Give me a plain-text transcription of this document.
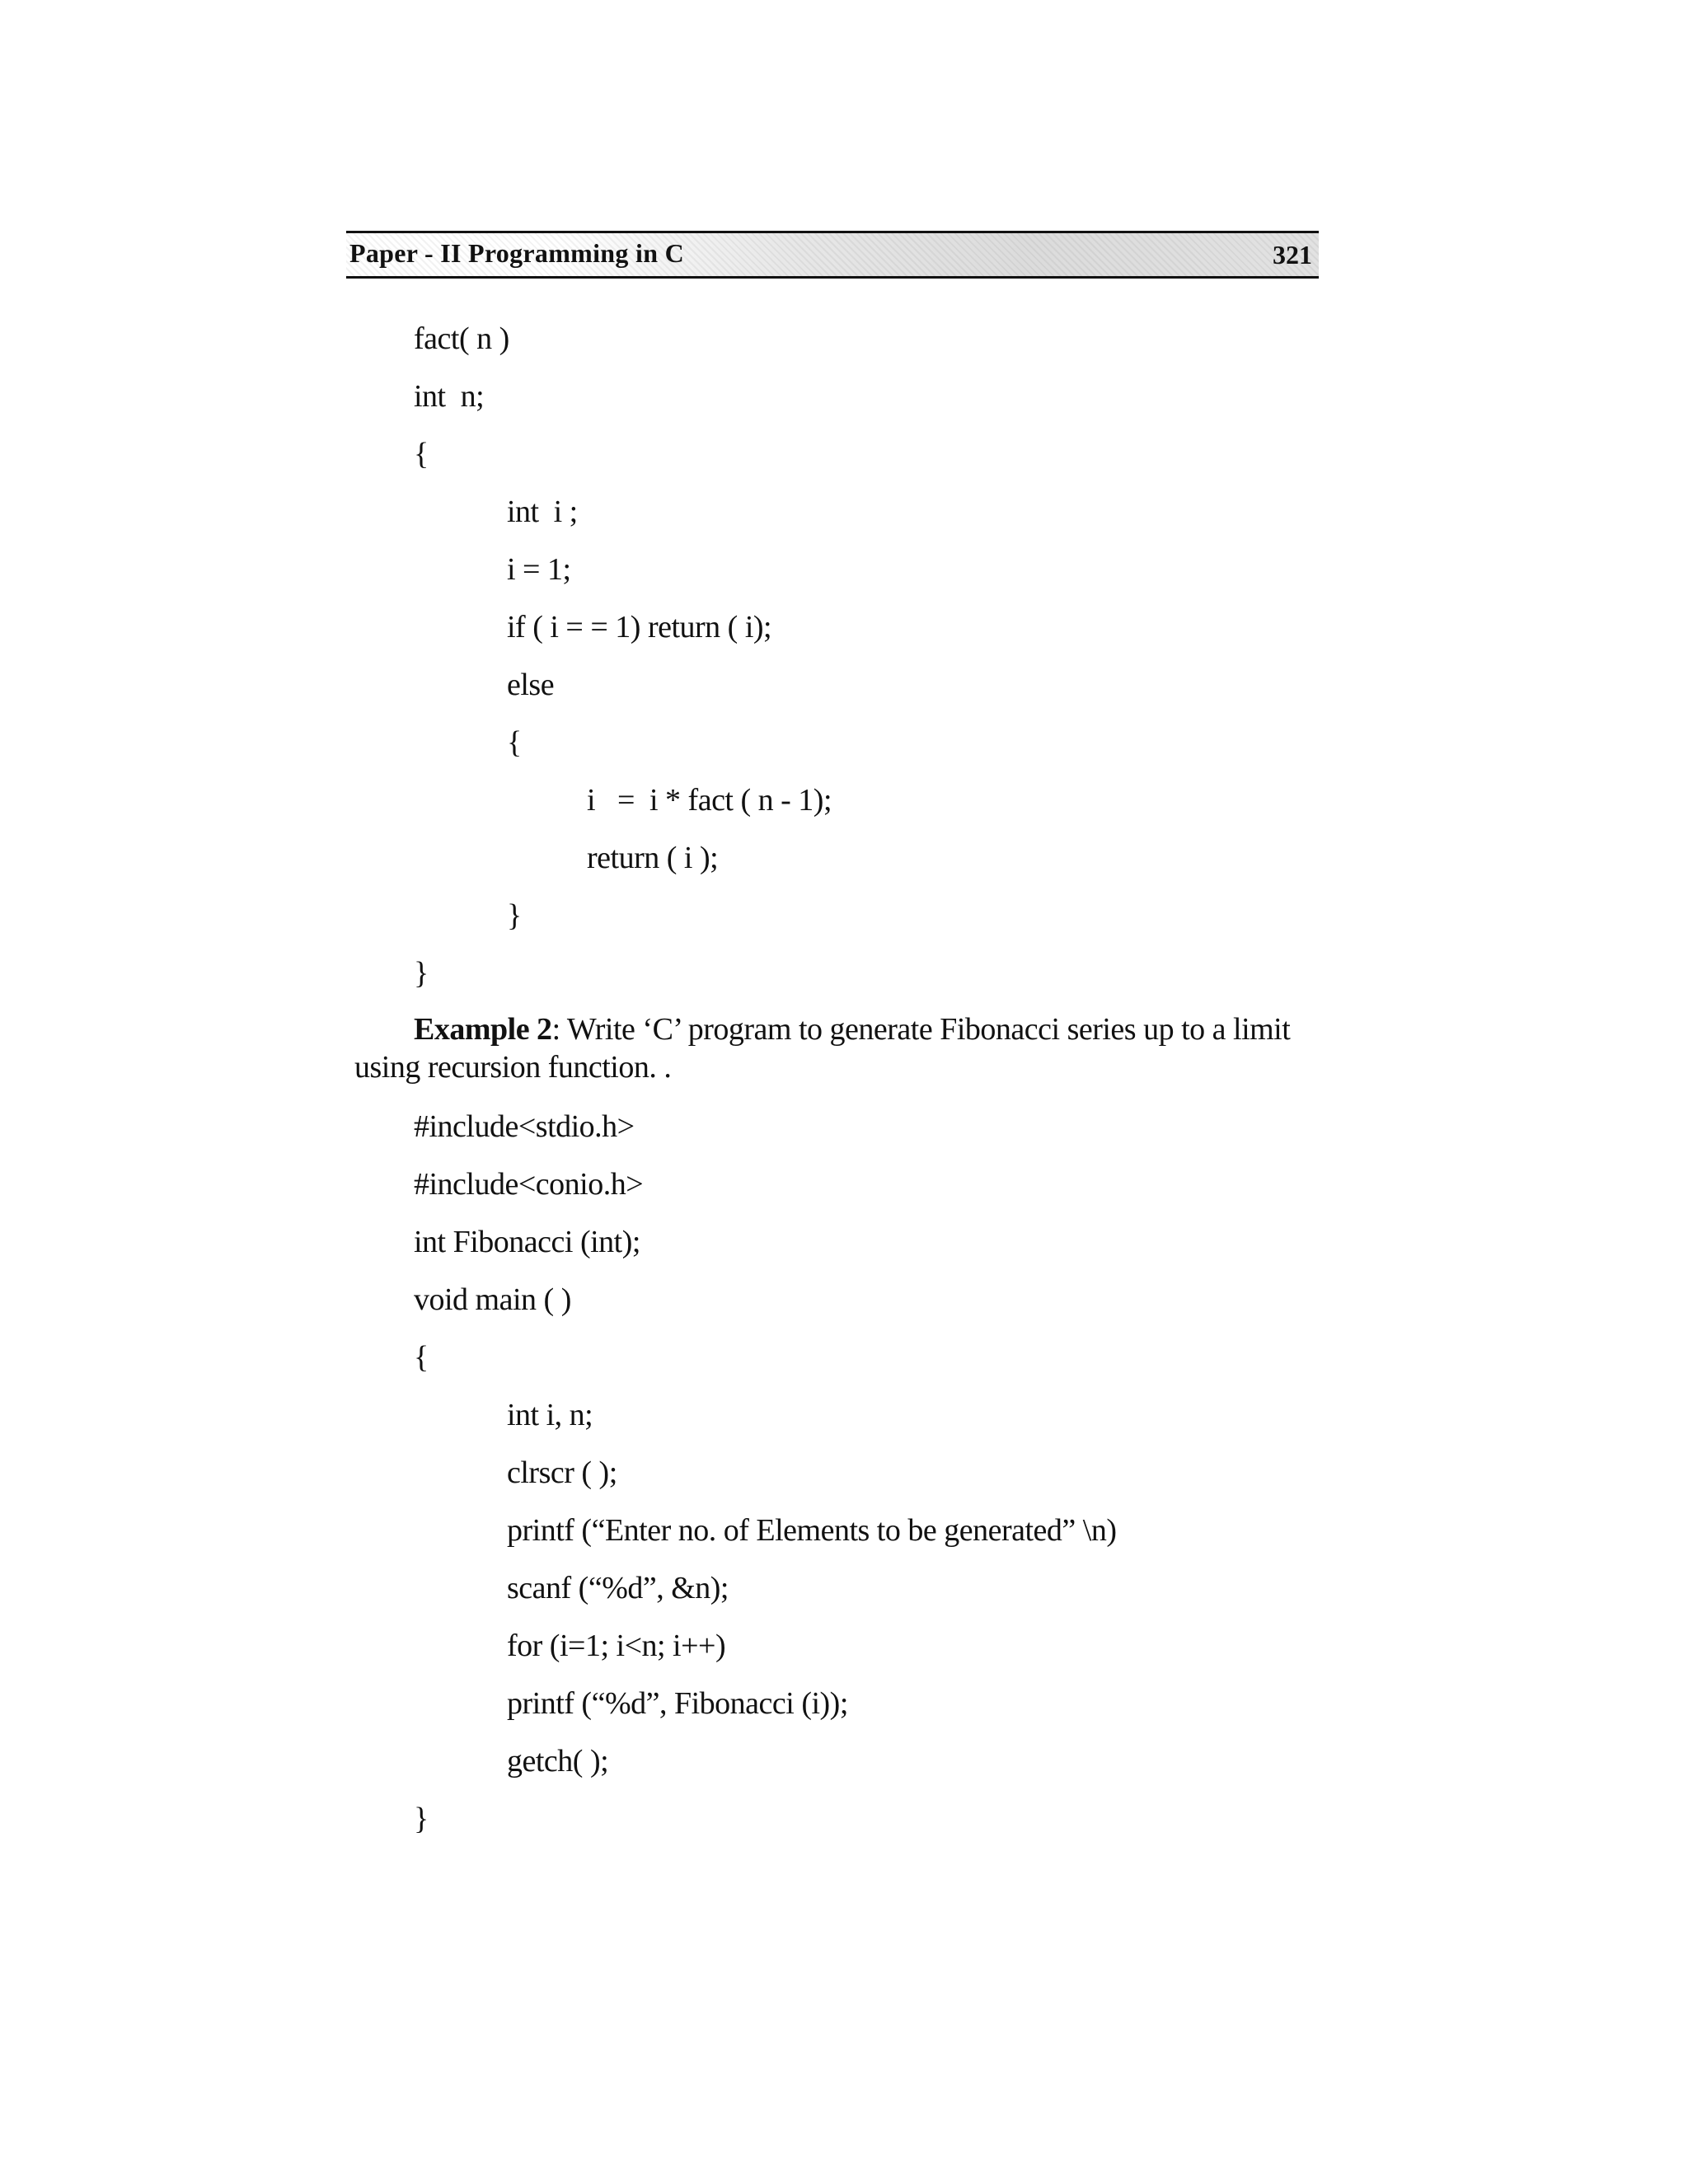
Paper - II Programming in C	321
fact( n )
int  n;
{
int  i ;
i = 1;
if ( i = = 1) return ( i);
else
{
i   =  i * fact ( n - 1);
return ( i );
}
}
Example 2: Write ‘C’ program to generate Fibonacci series up to a limit
using recursion function. .
#include<stdio.h>
#include<conio.h>
int Fibonacci (int);
void main ( )
{
int i, n;
clrscr ( );
printf (“Enter no. of Elements to be generated” \n)
scanf (“%d”, &n);
for (i=1; i<n; i++)
printf (“%d”, Fibonacci (i));
getch( );
}
